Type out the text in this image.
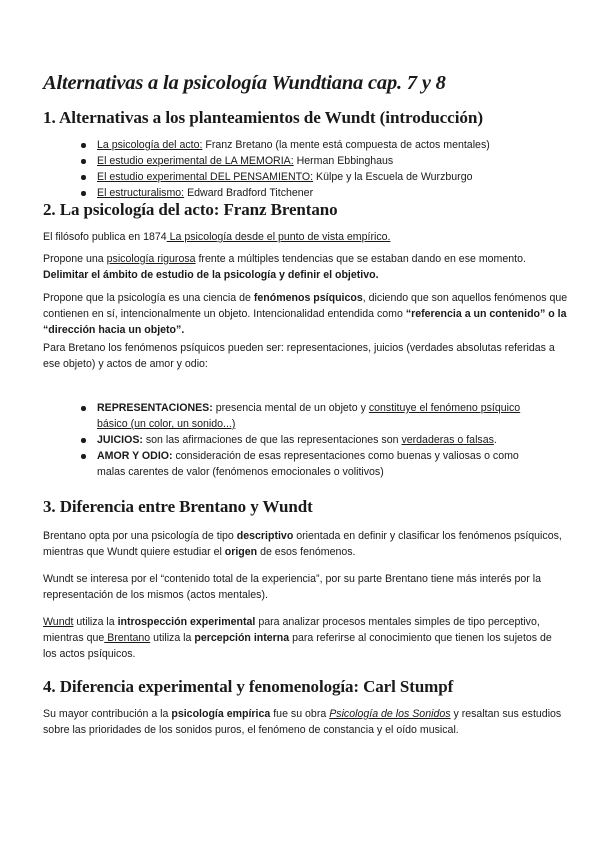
Alternativas a la psicología Wundtiana cap. 7 y 8
1. Alternativas a los planteamientos de Wundt (introducción)
La psicología del acto: Franz Bretano (la mente está compuesta de actos mentales)
El estudio experimental de LA MEMORIA: Herman Ebbinghaus
El estudio experimental DEL PENSAMIENTO: Külpe y la Escuela de Wurzburgo
El estructuralismo: Edward Bradford Titchener
2. La psicología del acto: Franz Brentano

El filósofo publica en 1874 La psicología desde el punto de vista empírico.

Propone una psicología rigurosa frente a múltiples tendencias que se estaban dando en ese momento. Delimitar el ámbito de estudio de la psicología y definir el objetivo.

Propone que la psicología es una ciencia de fenómenos psíquicos, diciendo que son aquellos fenómenos que contienen en sí, intencionalmente un objeto. Intencionalidad entendida como “referencia a un contenido” o la “dirección hacia un objeto”.

Para Bretano los fenómenos psíquicos pueden ser: representaciones, juicios (verdades absolutas referidas a ese objeto) y actos de amor y odio:

REPRESENTACIONES: presencia mental de un objeto y constituye el fenómeno psíquico básico (un color, un sonido...)
JUICIOS: son las afirmaciones de que las representaciones son verdaderas o falsas.
AMOR Y ODIO: consideración de esas representaciones como buenas y valiosas o como malas carentes de valor (fenómenos emocionales o volitivos)
3. Diferencia entre Brentano y Wundt

Brentano opta por una psicología de tipo descriptivo orientada en definir y clasificar los fenómenos psíquicos, mientras que Wundt quiere estudiar el origen de esos fenómenos.

Wundt se interesa por el “contenido total de la experiencia”, por su parte Brentano tiene más interés por la representación de los mismos (actos mentales).

Wundt utiliza la introspección experimental para analizar procesos mentales simples de tipo perceptivo, mientras que Brentano utiliza la percepción interna para referirse al conocimiento que tienen los sujetos de los actos psíquicos.

4. Diferencia experimental y fenomenología: Carl Stumpf

Su mayor contribución a la psicología empírica fue su obra Psicología de los Sonidos y resaltan sus estudios sobre las prioridades de los sonidos puros, el fenómeno de constancia y el oído musical.
